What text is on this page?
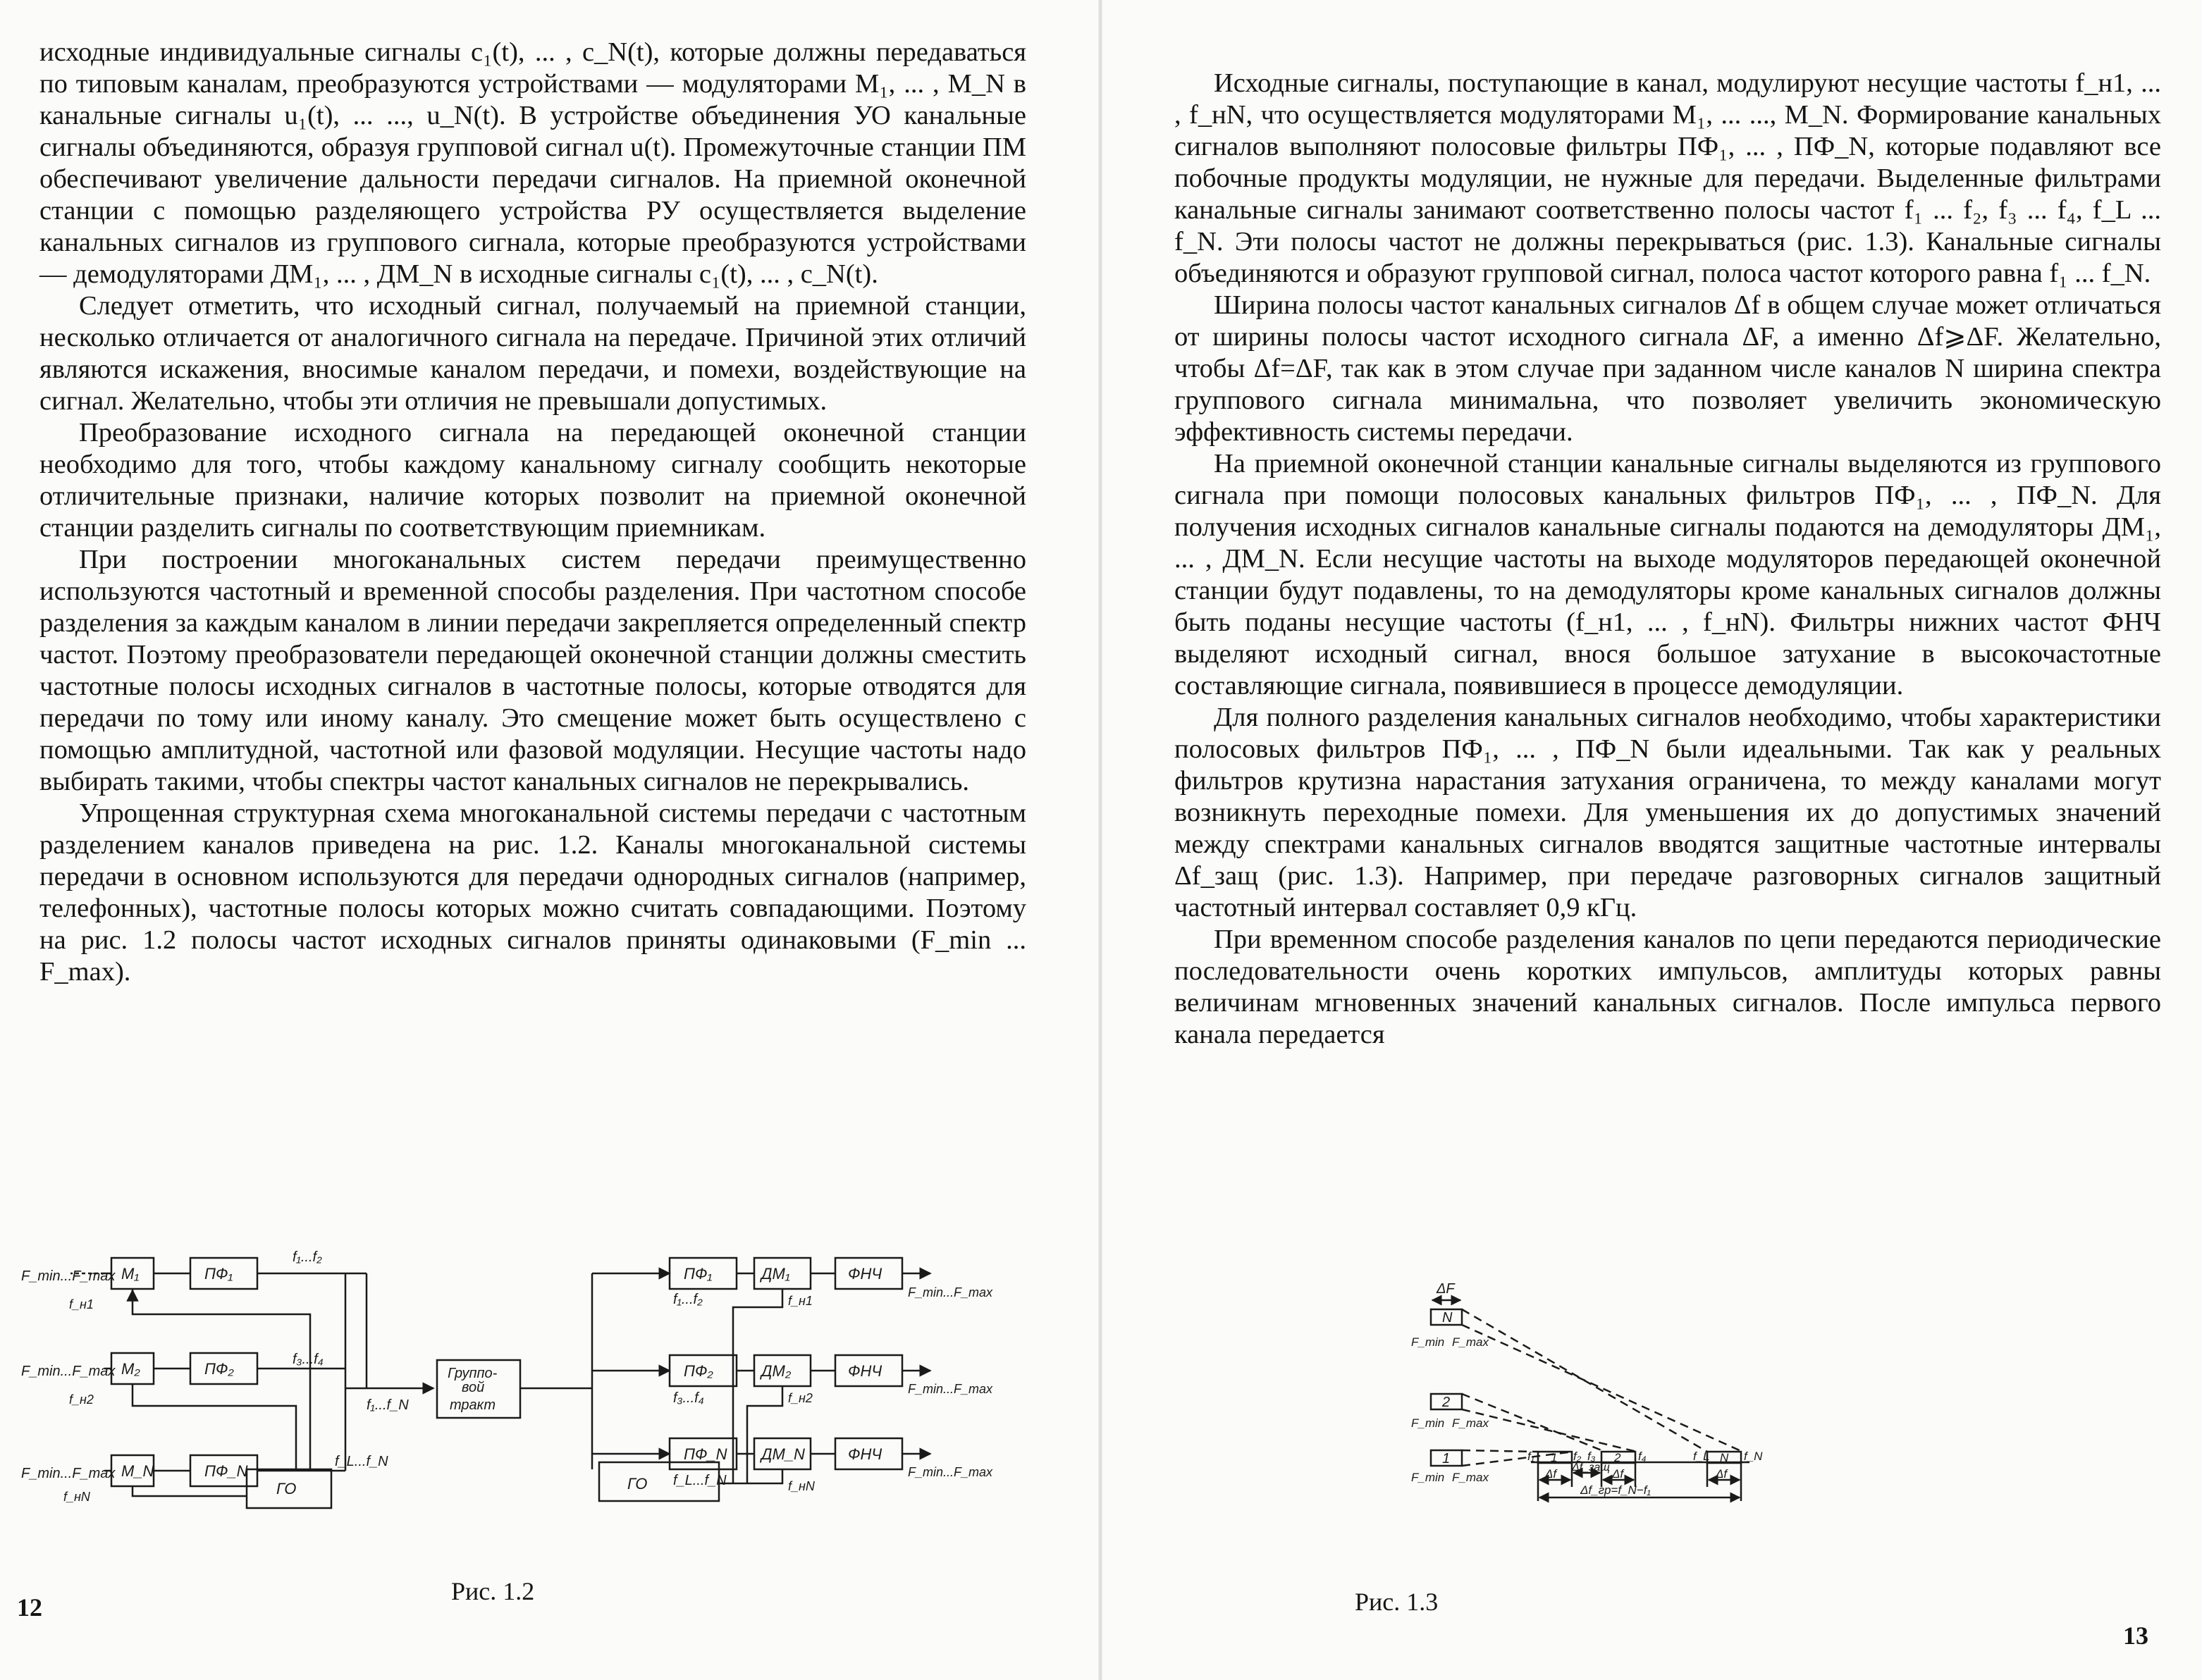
исходные индивидуальные сигналы c₁(t), ... , c_N(t), которые должны передаваться по типовым каналам, преобразуются устройствами — модуляторами M₁, ... , M_N в канальные сигналы u₁(t), ... ..., u_N(t). В устройстве объединения УО канальные сигналы объединяются, образуя групповой сигнал u(t). Промежуточные станции ПМ обеспечивают увеличение дальности передачи сигналов. На приемной оконечной станции с помощью разделяющего устройства РУ осуществляется выделение канальных сигналов из группового сигнала, которые преобразуются устройствами — демодуляторами ДМ₁, ... , ДМ_N в исходные сигналы c₁(t), ... , c_N(t).

Следует отметить, что исходный сигнал, получаемый на приемной станции, несколько отличается от аналогичного сигнала на передаче. Причиной этих отличий являются искажения, вносимые каналом передачи, и помехи, воздействующие на сигнал. Желательно, чтобы эти отличия не превышали допустимых.

Преобразование исходного сигнала на передающей оконечной станции необходимо для того, чтобы каждому канальному сигналу сообщить некоторые отличительные признаки, наличие которых позволит на приемной оконечной станции разделить сигналы по соответствующим приемникам.

При построении многоканальных систем передачи преимущественно используются частотный и временной способы разделения. При частотном способе разделения за каждым каналом в линии передачи закрепляется определенный спектр частот. Поэтому преобразователи передающей оконечной станции должны сместить частотные полосы исходных сигналов в частотные полосы, которые отводятся для передачи по тому или иному каналу. Это смещение может быть осуществлено с помощью амплитудной, частотной или фазовой модуляции. Несущие частоты надо выбирать такими, чтобы спектры частот канальных сигналов не перекрывались.

Упрощенная структурная схема многоканальной системы передачи с частотным разделением каналов приведена на рис. 1.2. Каналы многоканальной системы передачи в основном используются для передачи однородных сигналов (например, телефонных), частотные полосы которых можно считать совпадающими. Поэтому на рис. 1.2 полосы частот исходных сигналов приняты одинаковыми (F_min ... F_max).

F_min...F_max
F_min...F_max
F_min...F_max
M₁
M₂
M_N
ПФ₁
ПФ₂
ПФ_N
f_н1
f_н2
f_нN
f₁...f₂
f₃...f₄
f_L...f_N
f₁...f_N
Группо-
вой
тракт
ГО	ГО
ПФ₁
ПФ₂
ПФ_N
ДМ₁
ДМ₂
ДМ_N
ФНЧ
ФНЧ
ФНЧ
f₁...f₂
f₃...f₄
f_L...f_N
F_min...F_max
F_min...F_max
F_min...F_max
f_н1
f_н2
f_нN
Рис. 1.2
12

Исходные сигналы, поступающие в канал, модулируют несущие частоты f_н1, ... , f_нN, что осуществляется модуляторами M₁, ... ..., M_N. Формирование канальных сигналов выполняют полосовые фильтры ПФ₁, ... , ПФ_N, которые подавляют все побочные продукты модуляции, не нужные для передачи. Выделенные фильтрами канальные сигналы занимают соответственно полосы частот f₁ ... f₂, f₃ ... f₄, f_L ... f_N. Эти полосы частот не должны перекрываться (рис. 1.3). Канальные сигналы объединяются и образуют групповой сигнал, полоса частот которого равна f₁ ... f_N.

Ширина полосы частот канальных сигналов Δf в общем случае может отличаться от ширины полосы частот исходного сигнала ΔF, а именно Δf⩾ΔF. Желательно, чтобы Δf=ΔF, так как в этом случае при заданном числе каналов N ширина спектра группового сигнала минимальна, что позволяет увеличить экономическую эффективность системы передачи.

На приемной оконечной станции канальные сигналы выделяются из группового сигнала при помощи полосовых канальных фильтров ПФ₁, ... , ПФ_N. Для получения исходных сигналов канальные сигналы подаются на демодуляторы ДМ₁, ... , ДМ_N. Если несущие частоты на выходе модуляторов передающей оконечной станции будут подавлены, то на демодуляторы кроме канальных сигналов должны быть поданы несущие частоты (f_н1, ... , f_нN). Фильтры нижних частот ФНЧ выделяют исходный сигнал, внося большое затухание в высокочастотные составляющие сигнала, появившиеся в процессе демодуляции.

Для полного разделения канальных сигналов необходимо, чтобы характеристики полосовых фильтров ПФ₁, ... , ПФ_N были идеальными. Так как у реальных фильтров крутизна нарастания затухания ограничена, то между каналами могут возникнуть переходные помехи. Для уменьшения их до допустимых значений между спектрами канальных сигналов вводятся защитные частотные интервалы Δf_защ (рис. 1.3). Например, при передаче разговорных сигналов защитный частотный интервал составляет 0,9 кГц.

При временном способе разделения каналов по цепи передаются периодические последовательности очень коротких импульсов, амплитуды которых равны величинам мгновенных значений канальных сигналов. После импульса первого канала передается

ΔF
N
2
1
F_min F_max
F_min F_max
F_min F_max
1	2	N
f₁	f₂ f₃	f₄	f_L	f_N
Δf Δf_защ Δf	Δf
Δf_гр=f_N−f₁
Рис. 1.3
13
